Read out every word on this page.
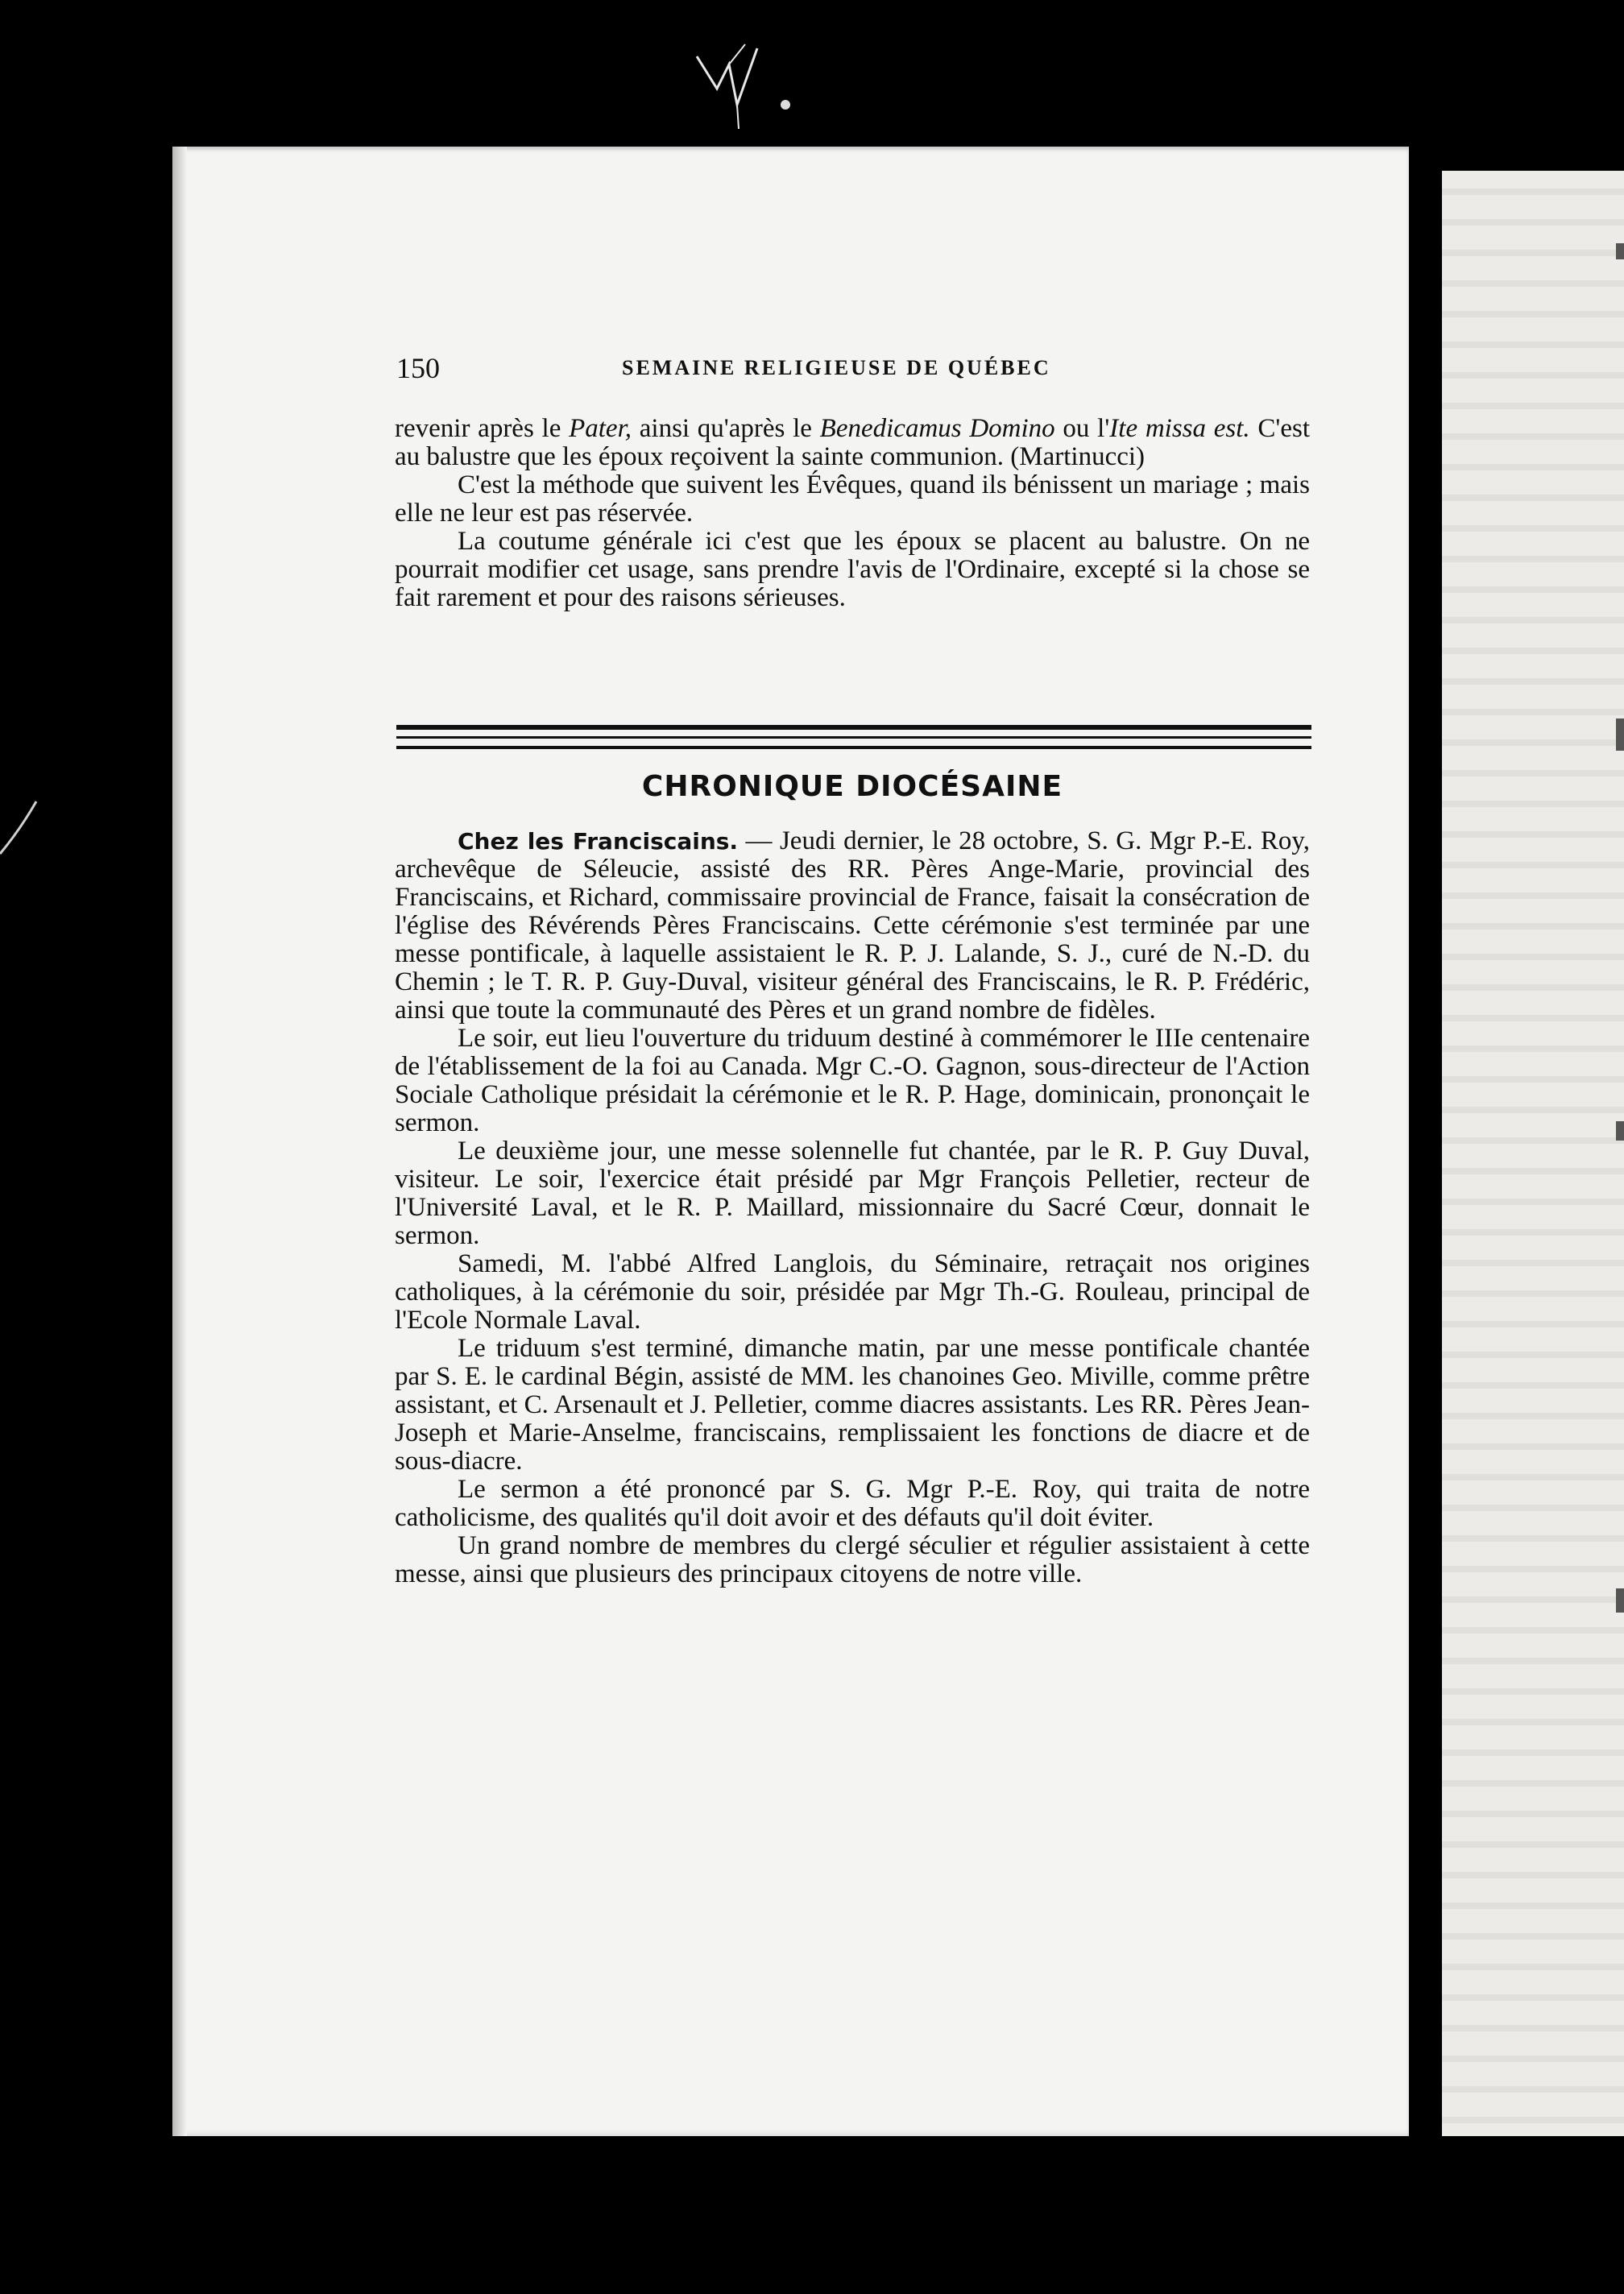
150	SEMAINE RELIGIEUSE DE QUÉBEC

revenir après le Pater, ainsi qu'après le Benedicamus Domino ou l'Ite missa est. C'est au balustre que les époux reçoivent la sainte communion. (Martinucci)

C'est la méthode que suivent les Évêques, quand ils bénissent un mariage ; mais elle ne leur est pas réservée.

La coutume générale ici c'est que les époux se placent au balustre. On ne pourrait modifier cet usage, sans prendre l'avis de l'Ordinaire, excepté si la chose se fait rarement et pour des raisons sérieuses.

CHRONIQUE DIOCÉSAINE

Chez les Franciscains. — Jeudi dernier, le 28 octobre, S. G. Mgr P.-E. Roy, archevêque de Séleucie, assisté des RR. Pères Ange-Marie, provincial des Franciscains, et Richard, commissaire provincial de France, faisait la consécration de l'église des Révérends Pères Franciscains. Cette cérémonie s'est terminée par une messe pontificale, à laquelle assistaient le R. P. J. Lalande, S. J., curé de N.-D. du Chemin ; le T. R. P. Guy-Duval, visiteur général des Franciscains, le R. P. Frédéric, ainsi que toute la communauté des Pères et un grand nombre de fidèles.

Le soir, eut lieu l'ouverture du triduum destiné à commémorer le IIIe centenaire de l'établissement de la foi au Canada. Mgr C.-O. Gagnon, sous-directeur de l'Action Sociale Catholique présidait la cérémonie et le R. P. Hage, dominicain, prononçait le sermon.

Le deuxième jour, une messe solennelle fut chantée, par le R. P. Guy Duval, visiteur. Le soir, l'exercice était présidé par Mgr François Pelletier, recteur de l'Université Laval, et le R. P. Maillard, missionnaire du Sacré Cœur, donnait le sermon.

Samedi, M. l'abbé Alfred Langlois, du Séminaire, retraçait nos origines catholiques, à la cérémonie du soir, présidée par Mgr Th.-G. Rouleau, principal de l'Ecole Normale Laval.

Le triduum s'est terminé, dimanche matin, par une messe pontificale chantée par S. E. le cardinal Bégin, assisté de MM. les chanoines Geo. Miville, comme prêtre assistant, et C. Arsenault et J. Pelletier, comme diacres assistants. Les RR. Pères Jean-Joseph et Marie-Anselme, franciscains, remplissaient les fonctions de diacre et de sous-diacre.

Le sermon a été prononcé par S. G. Mgr P.-E. Roy, qui traita de notre catholicisme, des qualités qu'il doit avoir et des défauts qu'il doit éviter.

Un grand nombre de membres du clergé séculier et régulier assistaient à cette messe, ainsi que plusieurs des principaux citoyens de notre ville.
